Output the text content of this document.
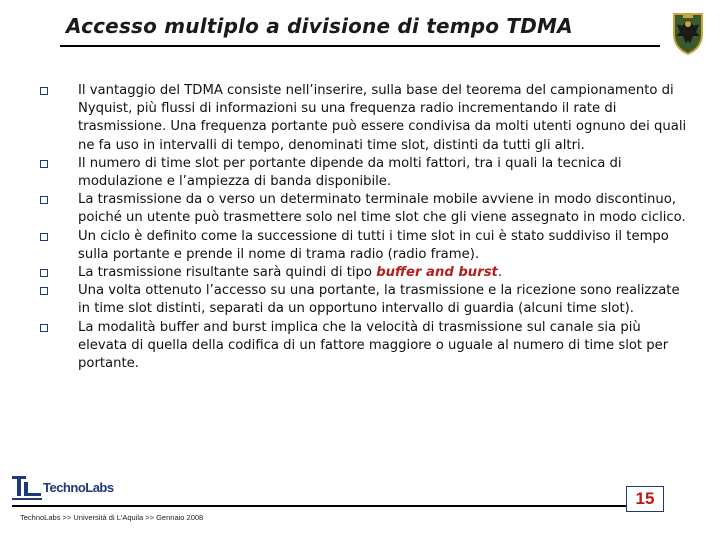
Accesso multiplo a divisione di tempo TDMA
Il vantaggio del TDMA consiste nell’inserire, sulla base del teorema del campionamento di Nyquist, più flussi di informazioni su una frequenza radio incrementando il rate di trasmissione. Una frequenza portante può essere condivisa da molti utenti ognuno dei quali ne fa uso in intervalli di tempo, denominati time slot, distinti da tutti gli altri.
Il numero di time slot per portante dipende da molti fattori, tra i quali la tecnica di modulazione e l’ampiezza di banda disponibile.
La trasmissione da o verso un determinato terminale mobile avviene in modo discontinuo, poiché un utente può trasmettere solo nel time slot che gli viene assegnato in modo ciclico.
Un ciclo è definito come la successione di tutti i time slot in cui è stato suddiviso il tempo sulla portante e prende il nome di trama radio (radio frame).
La trasmissione risultante sarà quindi di tipo buffer and burst.
Una volta ottenuto l’accesso su una portante, la trasmissione e la ricezione sono realizzate in time slot distinti, separati da un opportuno intervallo di guardia (alcuni time slot).
La modalità buffer and burst implica che la velocità di trasmissione sul canale sia più elevata di quella della codifica di un fattore maggiore o uguale al numero di time slot per portante.
TechnoLabs
TechnoLabs >> Università di L'Aquila >> Gennaio 2008
15
